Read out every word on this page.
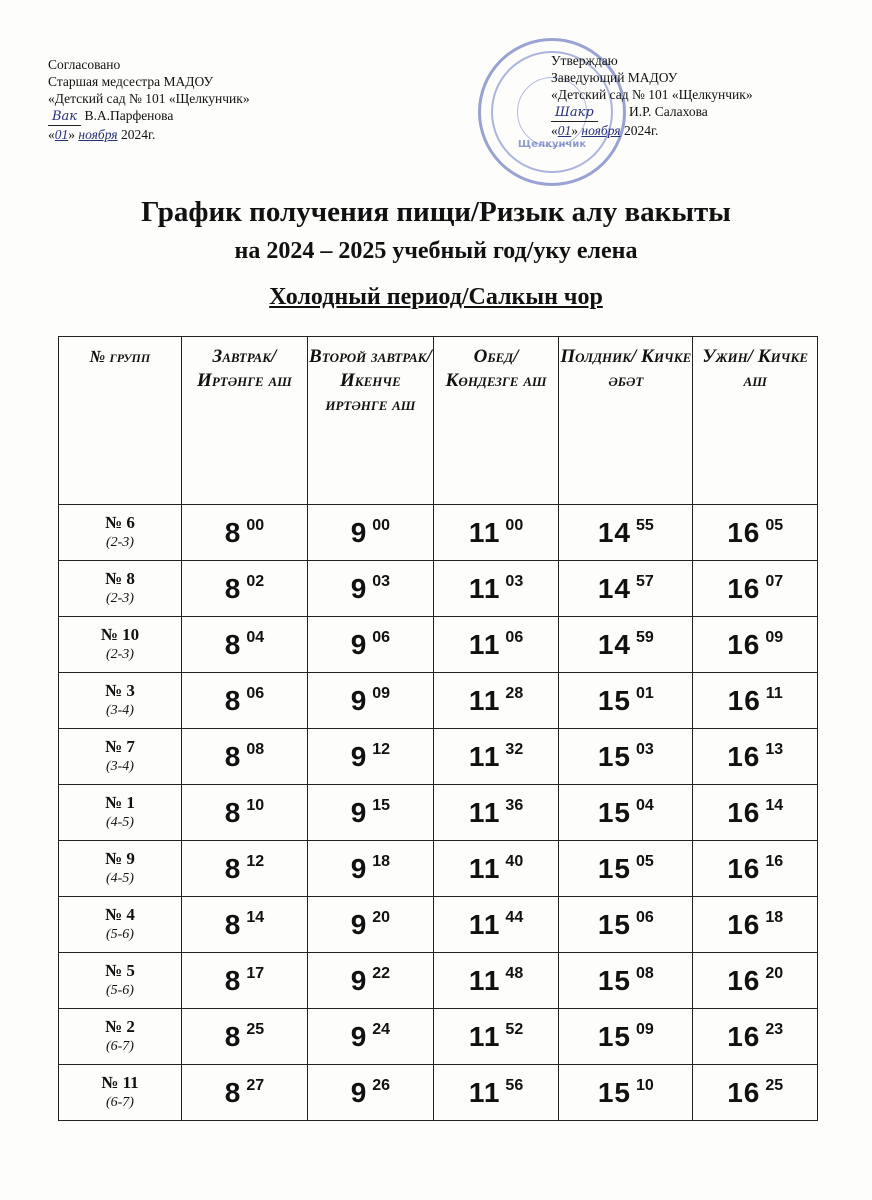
Согласовано
Старшая медсестра МАДОУ
«Детский сад № 101 «Щелкунчик»
Вак В.А.Парфенова
«01» ноября 2024г.
Щелкунчик
Утверждаю
Заведующий МАДОУ
«Детский сад № 101 «Щелкунчик»
Шакр	И.Р. Салахова
«01» ноября 2024г.
График получения пищи/Ризык алу вакыты
на 2024 – 2025 учебный год/уку елена
Холодный период/Салкын чор
№ групп	Завтрак/ Иртәнге аш	Второй завтрак/ Икенче иртәнге аш	Обед/ Көндезге аш	Полдник/ Кичке әбәт	Ужин/ Кичке аш

№ 6
(2-3)	8 $^{00}$	9 $^{00}$	11 $^{00}$	14 $^{55}$	16 $^{05}$

№ 8
(2-3)	8 $^{02}$	9 $^{03}$	11 $^{03}$	14 $^{57}$	16 $^{07}$

№ 10
(2-3)	8 $^{04}$	9 $^{06}$	11 $^{06}$	14 $^{59}$	16 $^{09}$

№ 3
(3-4)	8 $^{06}$	9 $^{09}$	11 $^{28}$	15 $^{01}$	16 $^{11}$

№ 7
(3-4)	8 $^{08}$	9 $^{12}$	11 $^{32}$	15 $^{03}$	16 $^{13}$

№ 1
(4-5)	8 $^{10}$	9 $^{15}$	11 $^{36}$	15 $^{04}$	16 $^{14}$

№ 9
(4-5)	8 $^{12}$	9 $^{18}$	11 $^{40}$	15 $^{05}$	16 $^{16}$

№ 4
(5-6)	8 $^{14}$	9 $^{20}$	11 $^{44}$	15 $^{06}$	16 $^{18}$

№ 5
(5-6)	8 $^{17}$	9 $^{22}$	11 $^{48}$	15 $^{08}$	16 $^{20}$

№ 2
(6-7)	8 $^{25}$	9 $^{24}$	11 $^{52}$	15 $^{09}$	16 $^{23}$

№ 11
(6-7)	8 $^{27}$	9 $^{26}$	11 $^{56}$	15 $^{10}$	16 $^{25}$
